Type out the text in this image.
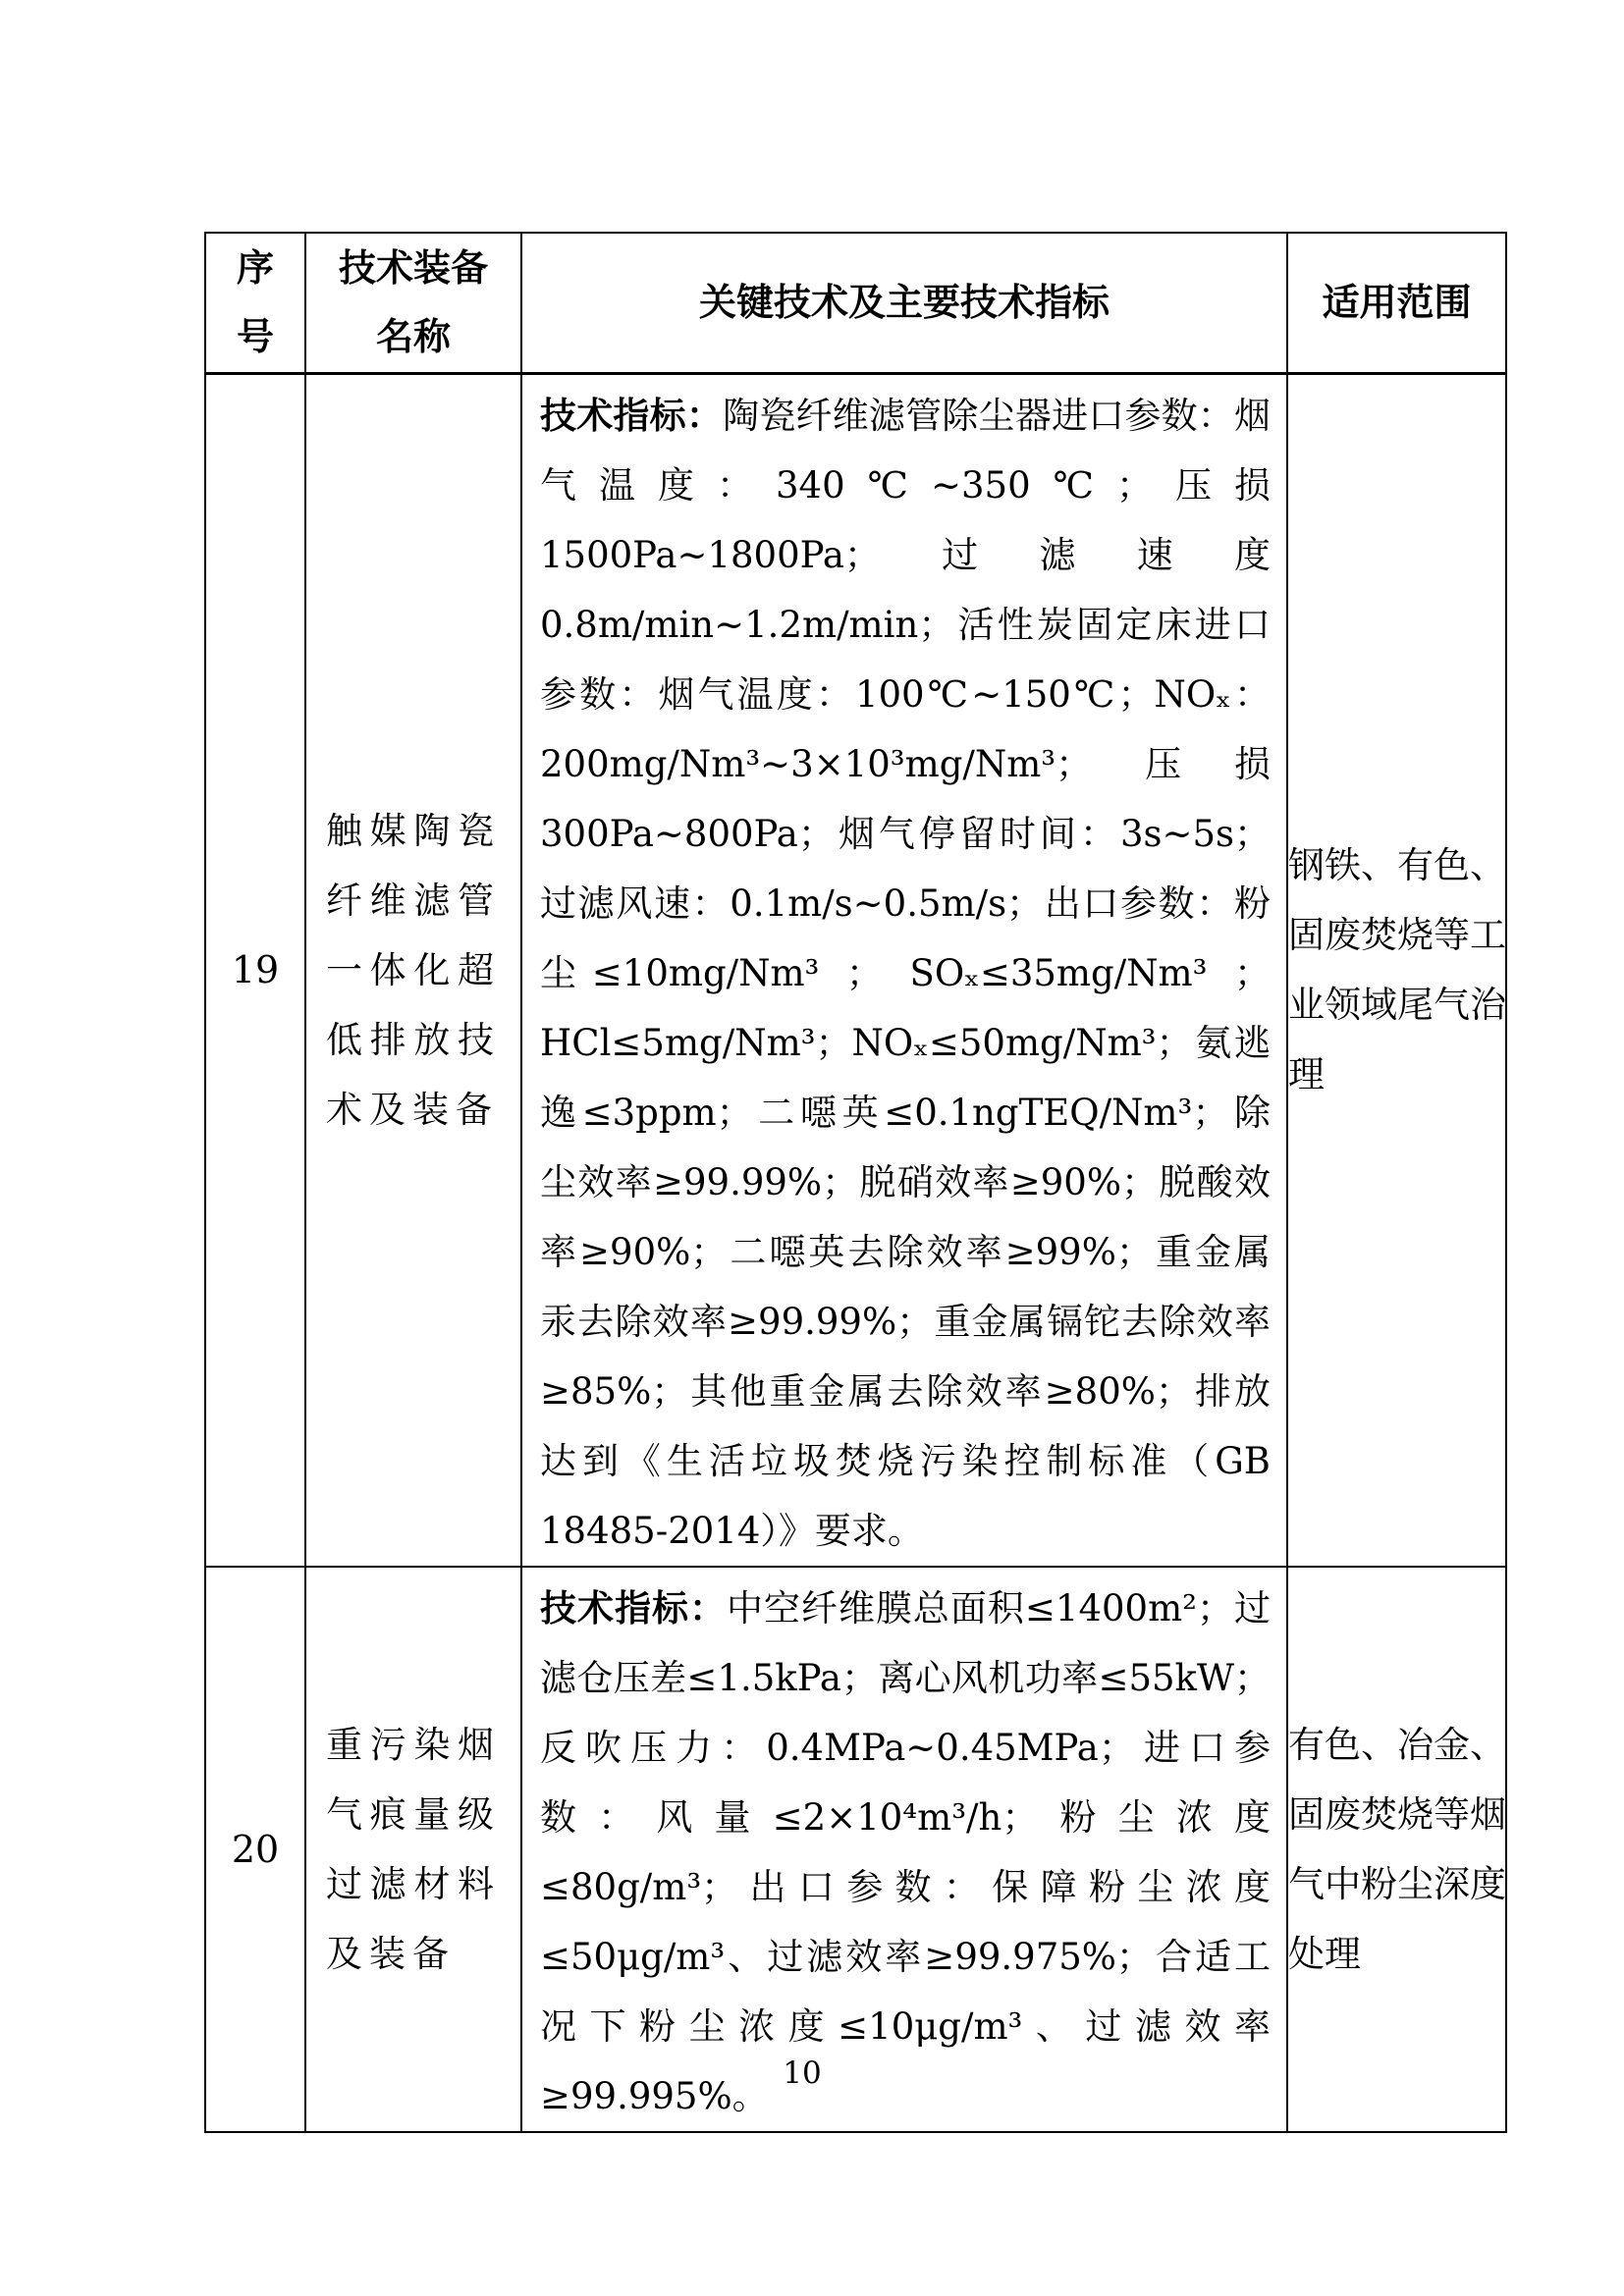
序号	技术装备名称	关键技术及主要技术指标	适用范围

19	触媒陶瓷纤维滤管一体化超低排放技术及装备	技术指标：陶瓷纤维滤管除尘器进口参数：烟气温度：340℃~350℃；压损 1500Pa~1800Pa；过滤速度 0.8m/min~1.2m/min；活性炭固定床进口参数：烟气温度：100℃~150℃；NOₓ：200mg/Nm³~3×10³mg/Nm³；压损 300Pa~800Pa；烟气停留时间：3s~5s；过滤风速：0.1m/s~0.5m/s；出口参数：粉尘≤10mg/Nm³ ； SOₓ≤35mg/Nm³ ；HCl≤5mg/Nm³；NOₓ≤50mg/Nm³；氨逃逸≤3ppm；二噁英≤0.1ngTEQ/Nm³；除尘效率≥99.99%；脱硝效率≥90%；脱酸效率≥90%；二噁英去除效率≥99%；重金属汞去除效率≥99.99%；重金属镉铊去除效率≥85%；其他重金属去除效率≥80%；排放达到《生活垃圾焚烧污染控制标准（GB 18485-2014）》要求。	钢铁、有色、固废焚烧等工业领域尾气治理

20	重污染烟气痕量级过滤材料及装备	技术指标：中空纤维膜总面积≤1400m²；过滤仓压差≤1.5kPa；离心风机功率≤55kW；反吹压力：0.4MPa~0.45MPa；进口参数：风量≤2×10⁴m³/h；粉尘浓度≤80g/m³；出口参数：保障粉尘浓度≤50μg/m³、过滤效率≥99.975%；合适工况下粉尘浓度≤10μg/m³、过滤效率≥99.995%。	有色、冶金、固废焚烧等烟气中粉尘深度处理
10
